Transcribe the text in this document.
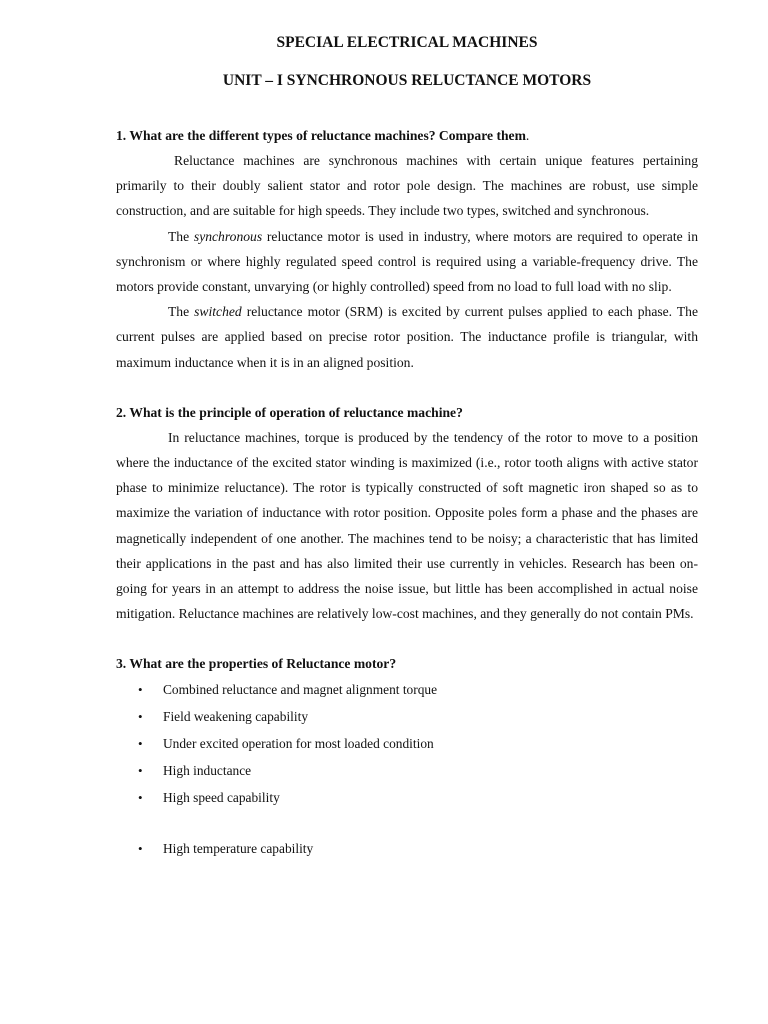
SPECIAL ELECTRICAL MACHINES
UNIT – I SYNCHRONOUS RELUCTANCE MOTORS

1. What are the different types of reluctance machines? Compare them.

Reluctance machines are synchronous machines with certain unique features pertaining primarily to their doubly salient stator and rotor pole design. The machines are robust, use simple construction, and are suitable for high speeds. They include two types, switched and synchronous.

The synchronous reluctance motor is used in industry, where motors are required to operate in synchronism or where highly regulated speed control is required using a variable-frequency drive. The motors provide constant, unvarying (or highly controlled) speed from no load to full load with no slip.

The switched reluctance motor (SRM) is excited by current pulses applied to each phase. The current pulses are applied based on precise rotor position. The inductance profile is triangular, with maximum inductance when it is in an aligned position.

2. What is the principle of operation of reluctance machine?

In reluctance machines, torque is produced by the tendency of the rotor to move to a position where the inductance of the excited stator winding is maximized (i.e., rotor tooth aligns with active stator phase to minimize reluctance). The rotor is typically constructed of soft magnetic iron shaped so as to maximize the variation of inductance with rotor position. Opposite poles form a phase and the phases are magnetically independent of one another. The machines tend to be noisy; a characteristic that has limited their applications in the past and has also limited their use currently in vehicles. Research has been on-going for years in an attempt to address the noise issue, but little has been accomplished in actual noise mitigation. Reluctance machines are relatively low-cost machines, and they generally do not contain PMs.

3. What are the properties of Reluctance motor?

• Combined reluctance and magnet alignment torque
• Field weakening capability
• Under excited operation for most loaded condition
• High inductance
• High speed capability
• High temperature capability
